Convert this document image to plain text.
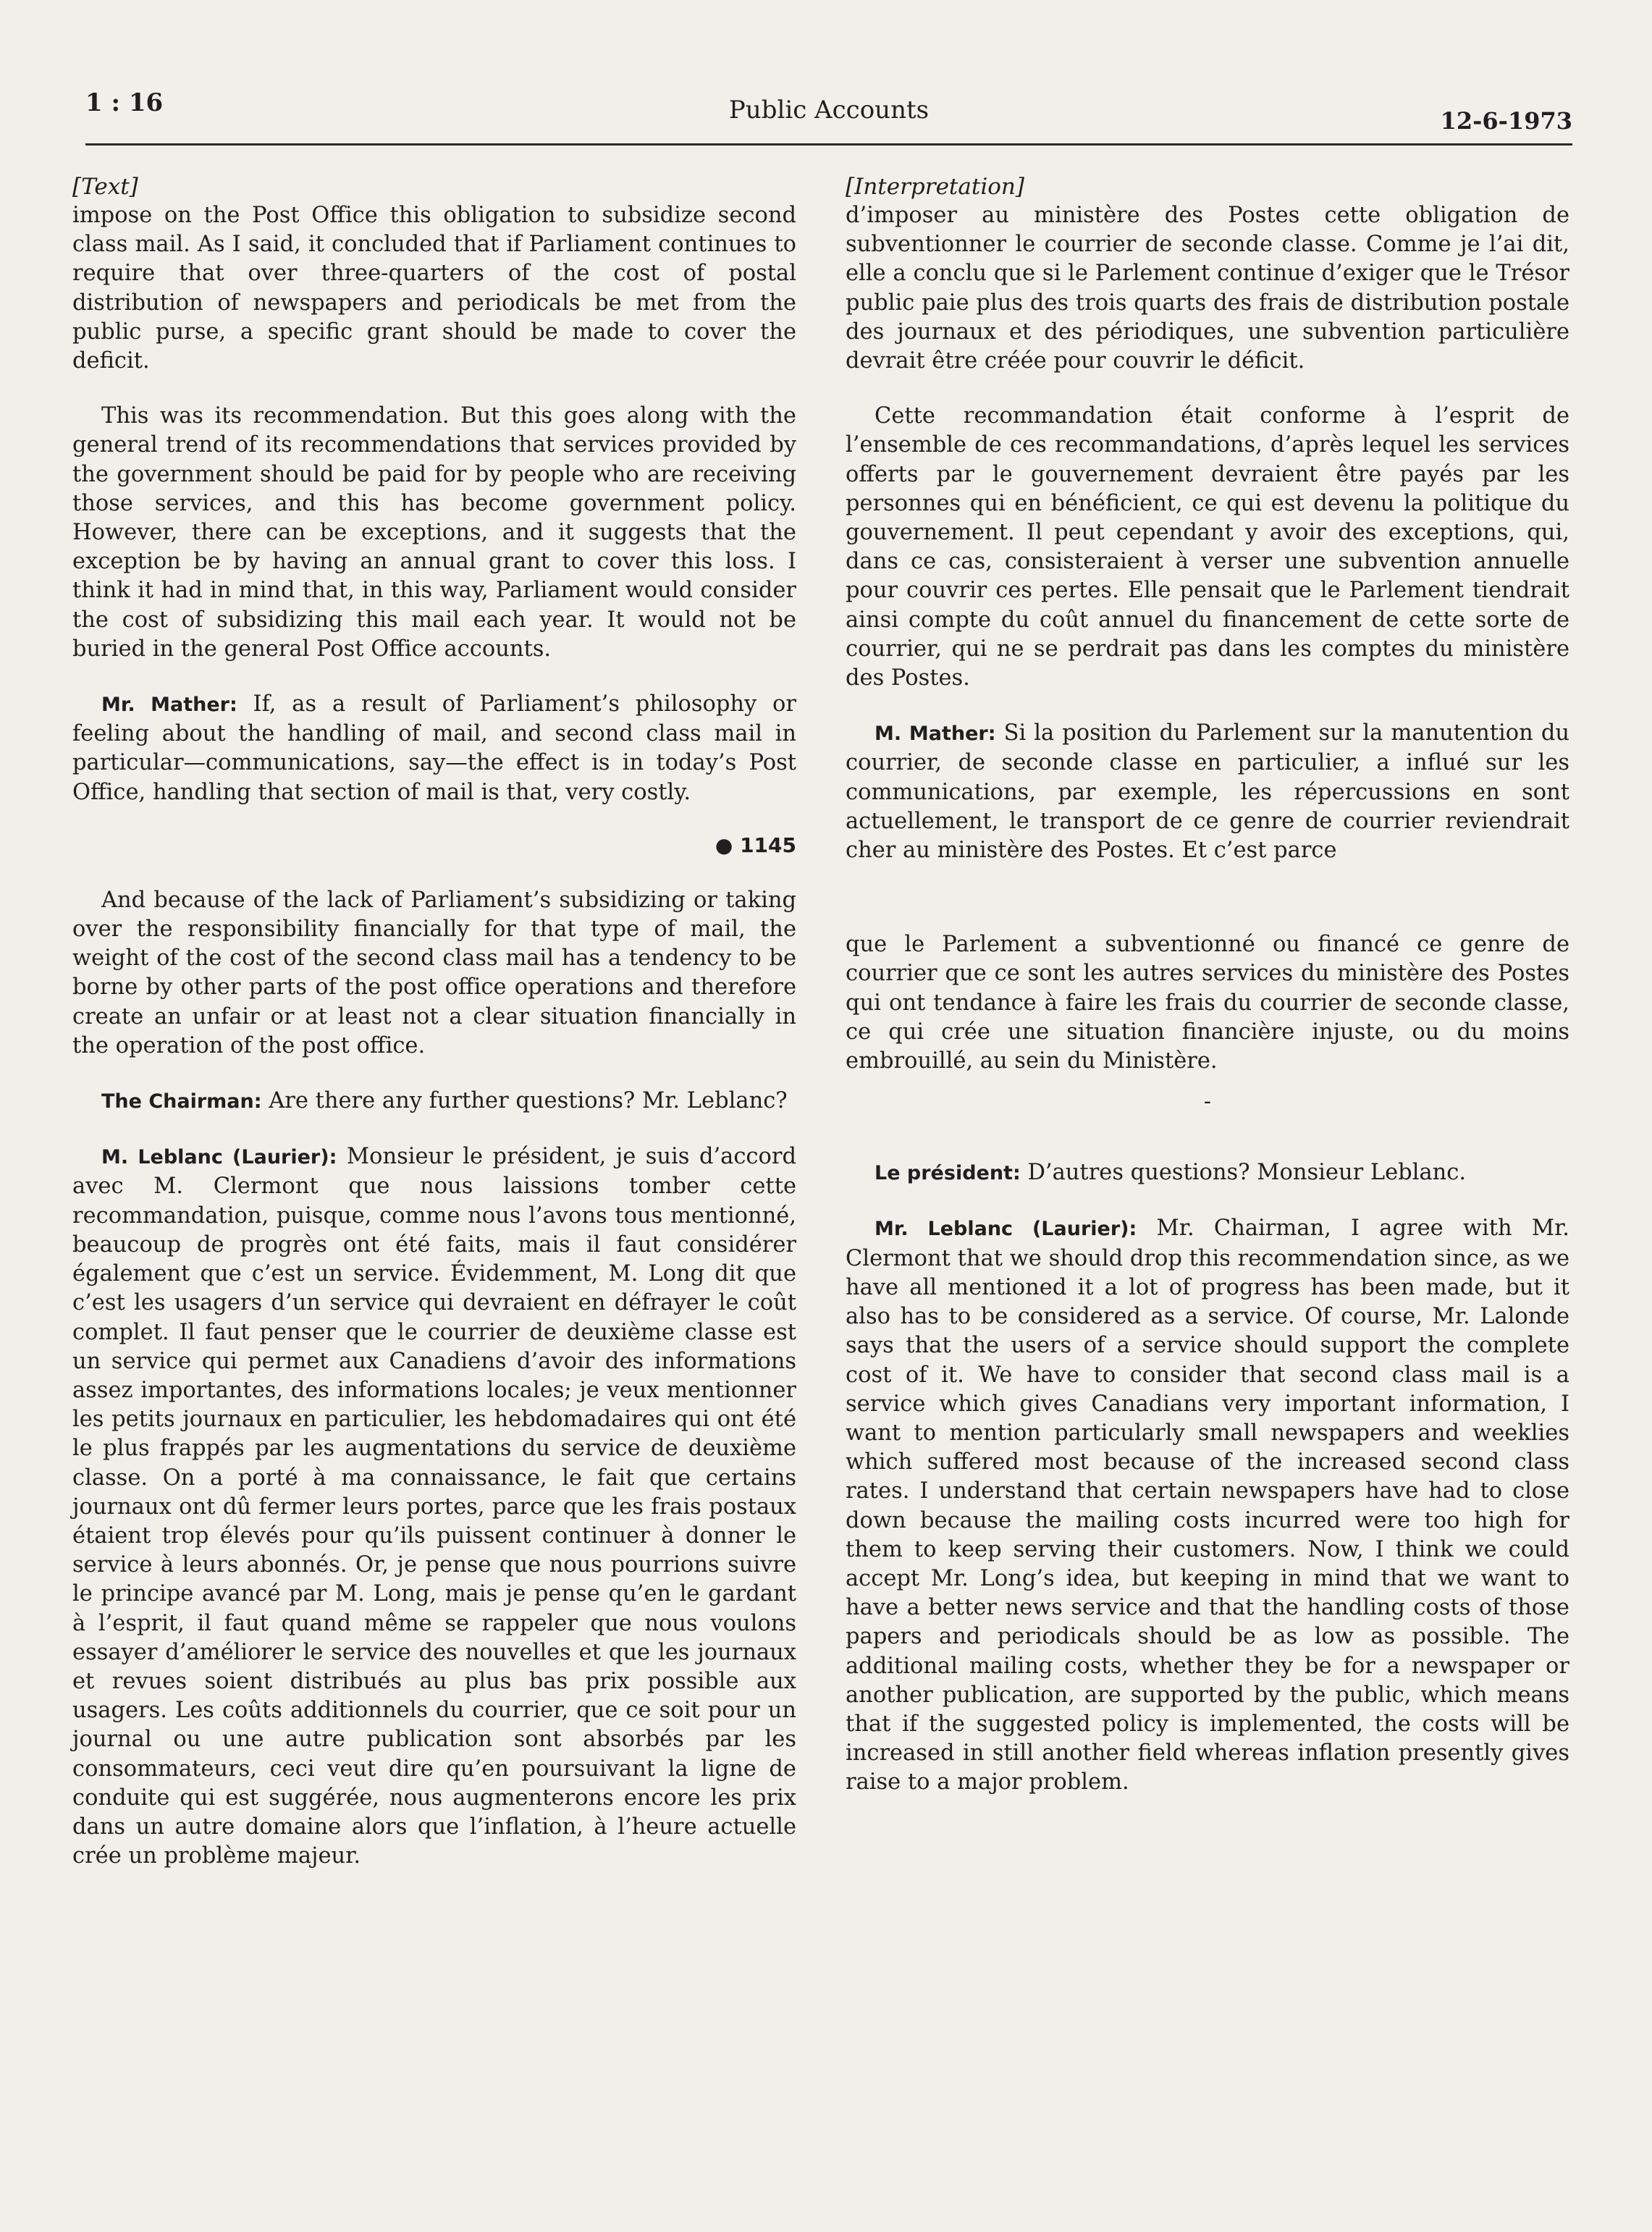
1 : 16	Public Accounts	12-6-1973
[Text]

impose on the Post Office this obligation to subsidize second class mail. As I said, it concluded that if Parliament continues to require that over three-quarters of the cost of postal distribution of newspapers and periodicals be met from the public purse, a specific grant should be made to cover the deficit.

This was its recommendation. But this goes along with the general trend of its recommendations that services provided by the government should be paid for by people who are receiving those services, and this has become government policy. However, there can be exceptions, and it suggests that the exception be by having an annual grant to cover this loss. I think it had in mind that, in this way, Parliament would consider the cost of subsidizing this mail each year. It would not be buried in the general Post Office accounts.

Mr. Mather: If, as a result of Parliament’s philosophy or feeling about the handling of mail, and second class mail in particular—communications, say—the effect is in today’s Post Office, handling that section of mail is that, very costly.

● 1145

And because of the lack of Parliament’s subsidizing or taking over the responsibility financially for that type of mail, the weight of the cost of the second class mail has a tendency to be borne by other parts of the post office operations and therefore create an unfair or at least not a clear situation financially in the operation of the post office.

The Chairman: Are there any further questions? Mr. Leblanc?

M. Leblanc (Laurier): Monsieur le président, je suis d’accord avec M. Clermont que nous laissions tomber cette recommandation, puisque, comme nous l’avons tous mentionné, beaucoup de progrès ont été faits, mais il faut considérer également que c’est un service. Évidemment, M. Long dit que c’est les usagers d’un service qui devraient en défrayer le coût complet. Il faut penser que le courrier de deuxième classe est un service qui permet aux Canadiens d’avoir des informations assez importantes, des informations locales; je veux mentionner les petits journaux en particulier, les hebdomadaires qui ont été le plus frappés par les augmentations du service de deuxième classe. On a porté à ma connaissance, le fait que certains journaux ont dû fermer leurs portes, parce que les frais postaux étaient trop élevés pour qu’ils puissent continuer à donner le service à leurs abonnés. Or, je pense que nous pourrions suivre le principe avancé par M. Long, mais je pense qu’en le gardant à l’esprit, il faut quand même se rappeler que nous voulons essayer d’améliorer le service des nouvelles et que les journaux et revues soient distribués au plus bas prix possible aux usagers. Les coûts additionnels du courrier, que ce soit pour un journal ou une autre publication sont absorbés par les consommateurs, ceci veut dire qu’en poursuivant la ligne de conduite qui est suggérée, nous augmenterons encore les prix dans un autre domaine alors que l’inflation, à l’heure actuelle crée un problème majeur.

[Interpretation]

d’imposer au ministère des Postes cette obligation de subventionner le courrier de seconde classe. Comme je l’ai dit, elle a conclu que si le Parlement continue d’exiger que le Trésor public paie plus des trois quarts des frais de distribution postale des journaux et des périodiques, une subvention particulière devrait être créée pour couvrir le déficit.

Cette recommandation était conforme à l’esprit de l’ensemble de ces recommandations, d’après lequel les services offerts par le gouvernement devraient être payés par les personnes qui en bénéficient, ce qui est devenu la politique du gouvernement. Il peut cependant y avoir des exceptions, qui, dans ce cas, consisteraient à verser une subvention annuelle pour couvrir ces pertes. Elle pensait que le Parlement tiendrait ainsi compte du coût annuel du financement de cette sorte de courrier, qui ne se perdrait pas dans les comptes du ministère des Postes.

M. Mather: Si la position du Parlement sur la manutention du courrier, de seconde classe en particulier, a influé sur les communications, par exemple, les répercussions en sont actuellement, le transport de ce genre de courrier reviendrait cher au ministère des Postes. Et c’est parce

que le Parlement a subventionné ou financé ce genre de courrier que ce sont les autres services du ministère des Postes qui ont tendance à faire les frais du courrier de seconde classe, ce qui crée une situation financière injuste, ou du moins embrouillé, au sein du Ministère.

-

Le président: D’autres questions? Monsieur Leblanc.

Mr. Leblanc (Laurier): Mr. Chairman, I agree with Mr. Clermont that we should drop this recommendation since, as we have all mentioned it a lot of progress has been made, but it also has to be considered as a service. Of course, Mr. Lalonde says that the users of a service should support the complete cost of it. We have to consider that second class mail is a service which gives Canadians very important information, I want to mention particularly small newspapers and weeklies which suffered most because of the increased second class rates. I understand that certain newspapers have had to close down because the mailing costs incurred were too high for them to keep serving their customers. Now, I think we could accept Mr. Long’s idea, but keeping in mind that we want to have a better news service and that the handling costs of those papers and periodicals should be as low as possible. The additional mailing costs, whether they be for a newspaper or another publication, are supported by the public, which means that if the suggested policy is implemented, the costs will be increased in still another field whereas inflation presently gives raise to a major problem.
